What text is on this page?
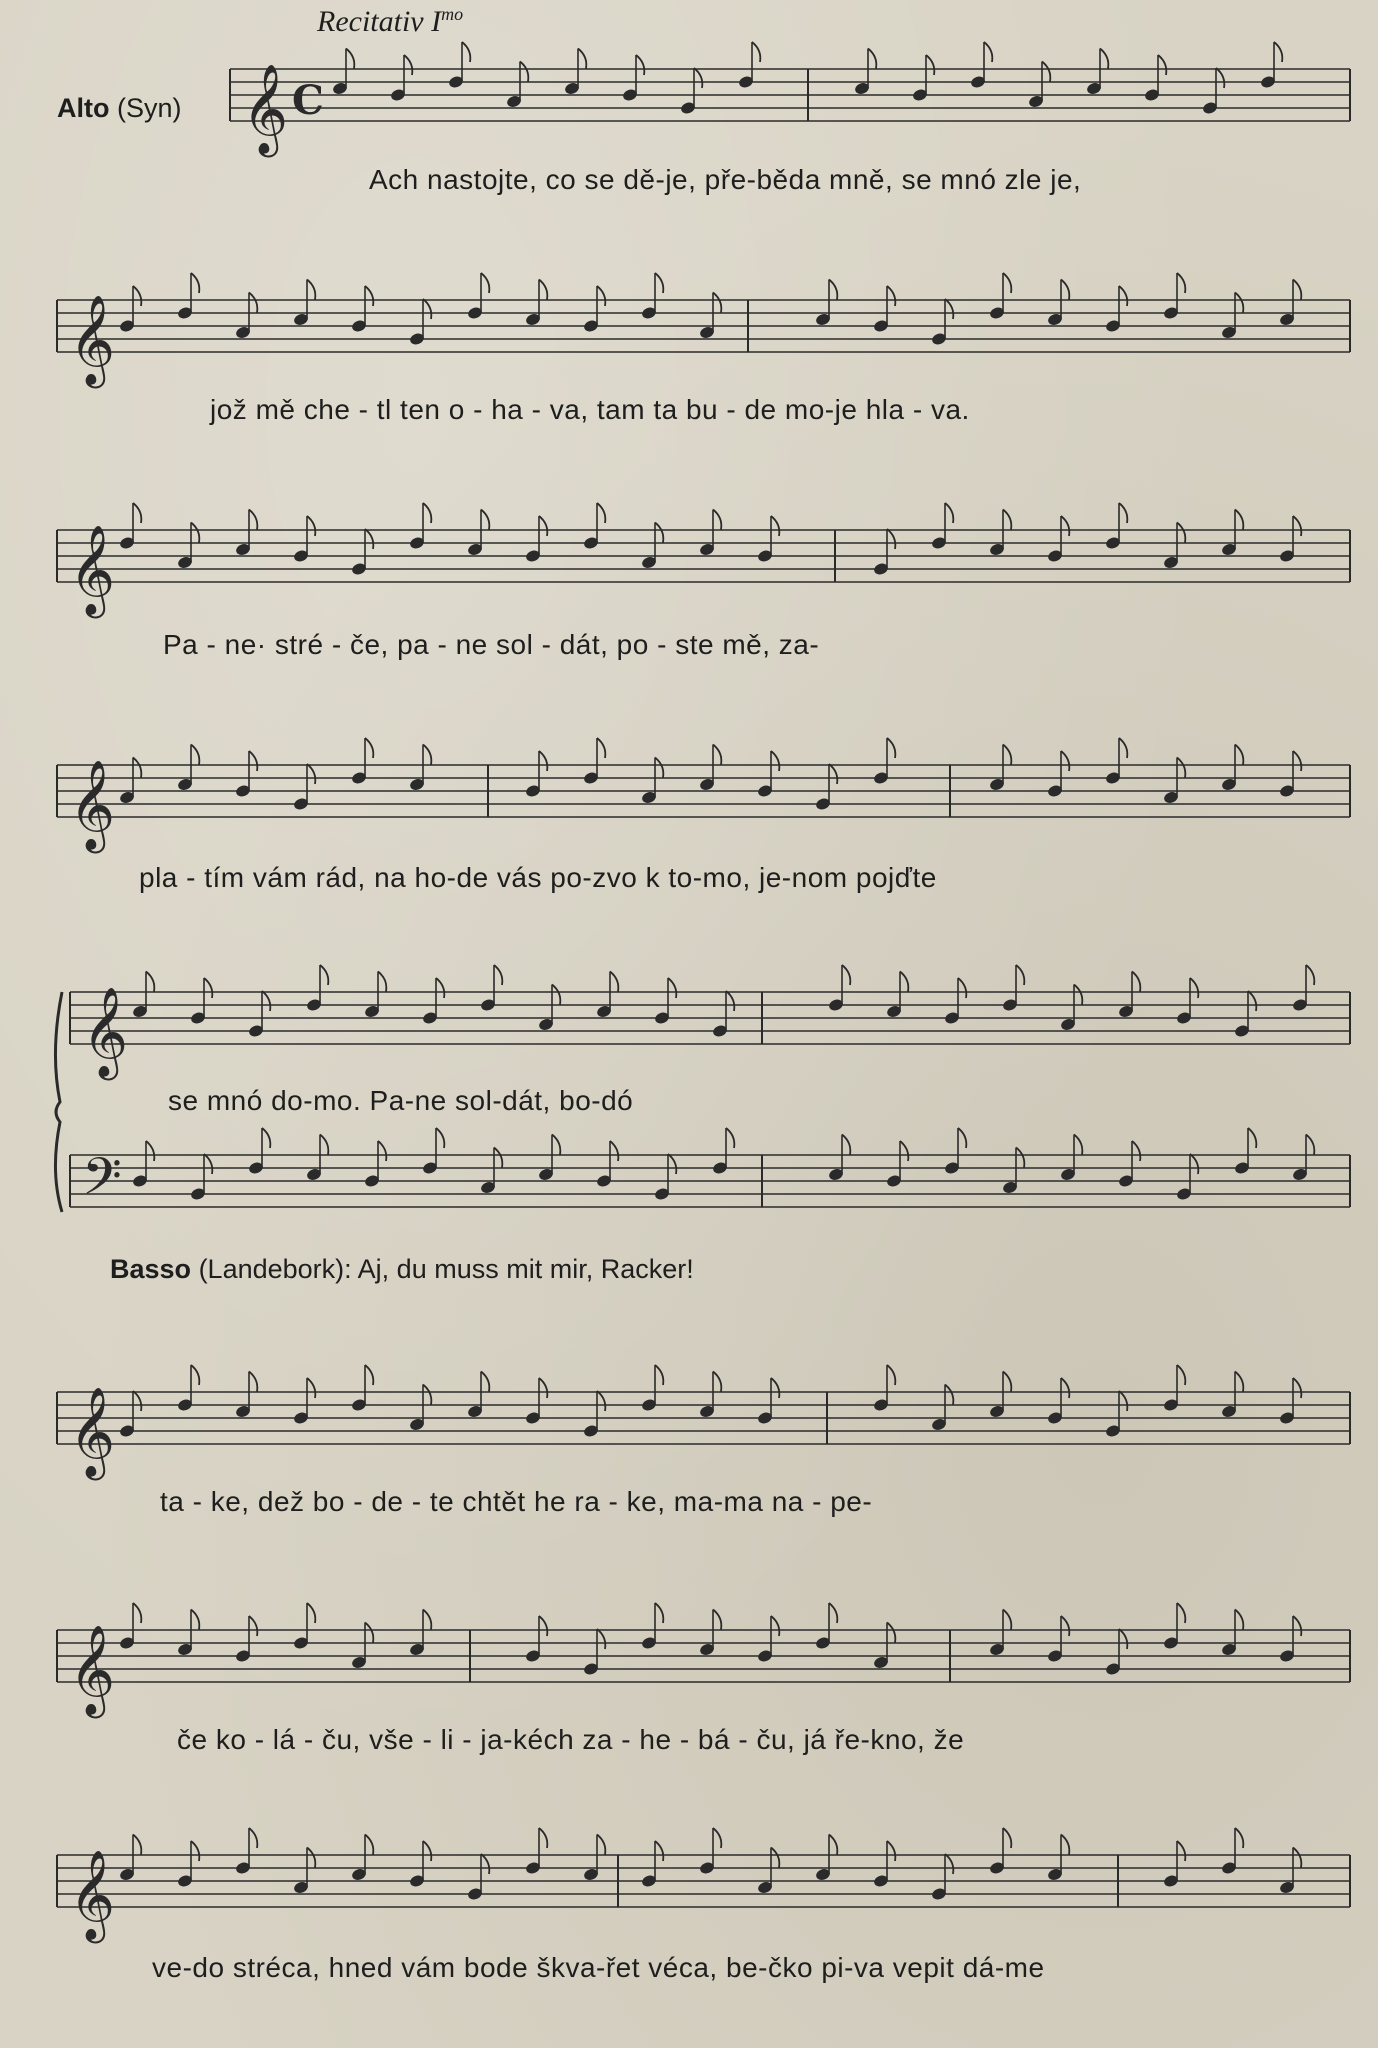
Recitativ $I^{mo}$
Alto (Syn)
Basso (Landebork): Aj, du muss mit mir, Racker!
Ach nastojte, co se dě-je, pře-běda mně, se mnó zle je,
jož mě che - tl ten o - ha - va, tam ta bu - de mo-je hla - va.
Pa - ne· stré - če, pa - ne sol - dát, po - ste mě, za-
pla - tím vám rád, na ho-de vás po-zvo k to-mo, je-nom pojďte
se mnó do-mo. Pa-ne sol-dát, bo-dó
ta - ke, dež bo - de - te chtět he ra - ke, ma-ma na - pe-
če ko - lá - ču, vše - li - ja-kéch za - he - bá - ču, já ře-kno, že
ve-do stréca, hned vám bode škva-řet véca, be-čko pi-va vepit dá-me
𝄞 C
𝄞
𝄞
𝄞
𝄞
𝄢
𝄞
𝄞
𝄞
